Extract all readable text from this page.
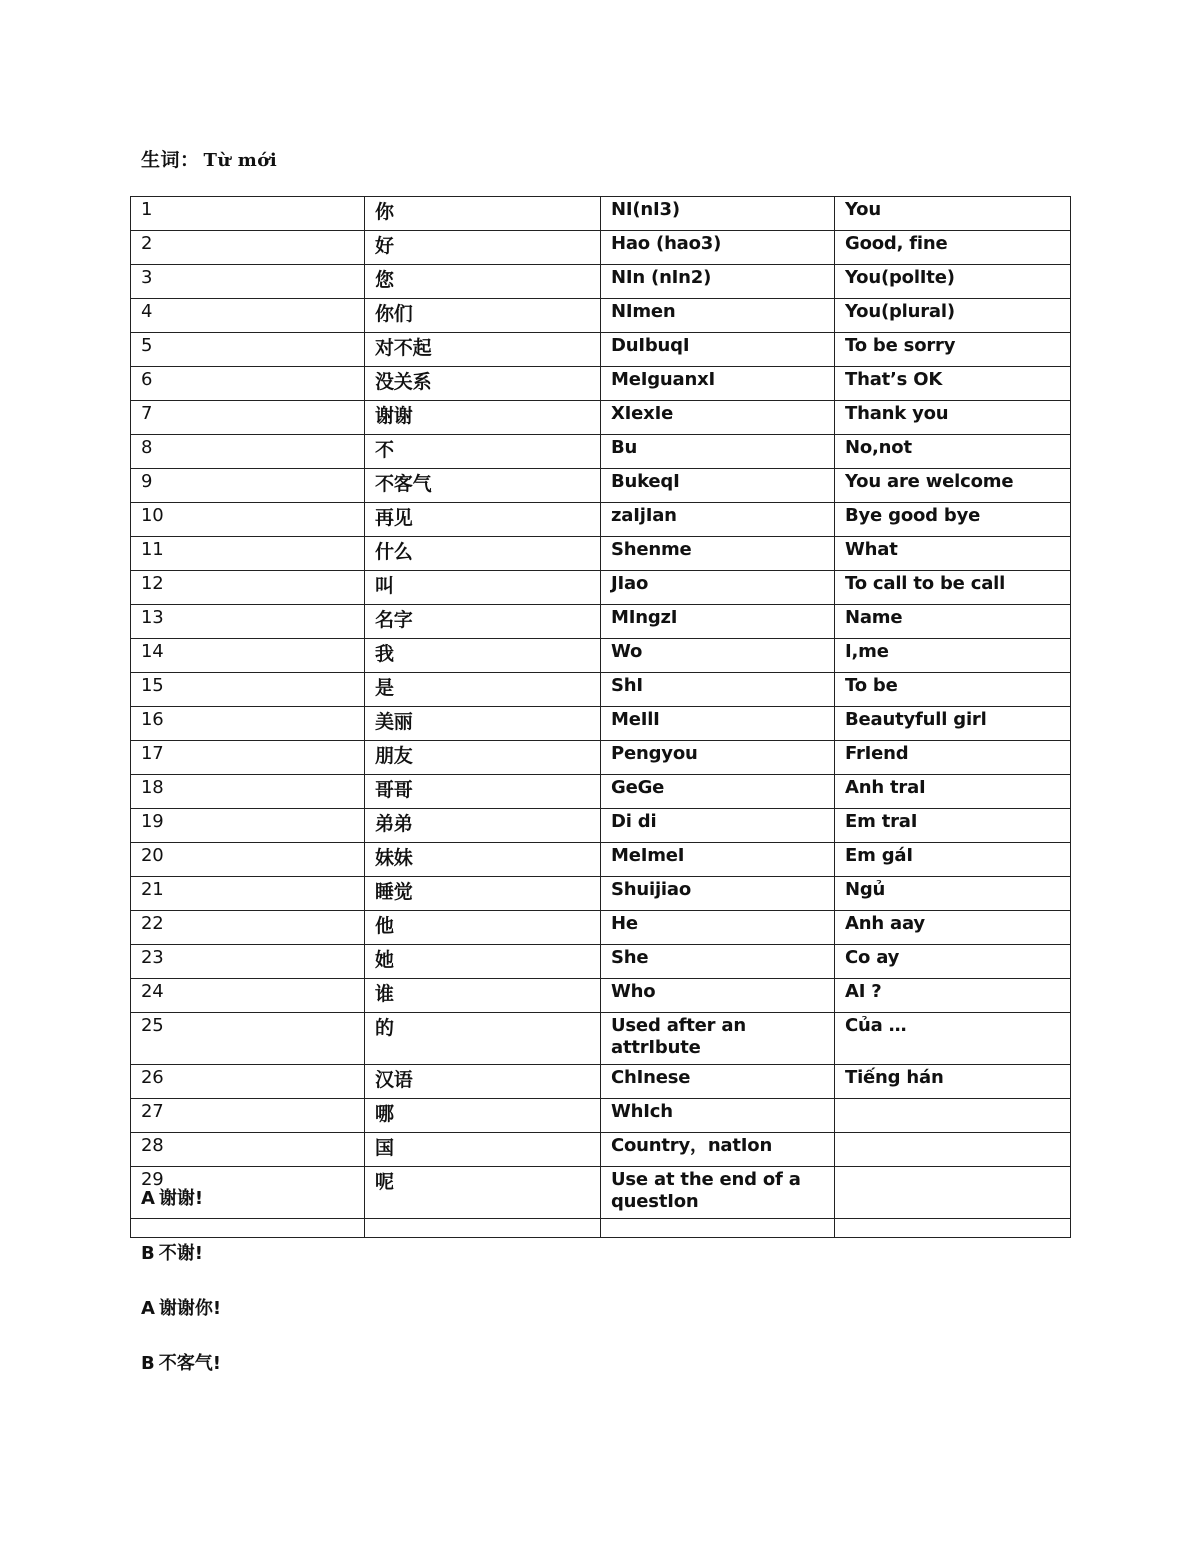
生词： Từ mới
1	你	NI(nI3)	You
2	好	Hao (hao3)	Good, fine
3	您	NIn (nIn2)	You(polIte)
4	你们	NImen	You(plural)
5	对不起	DuIbuqI	To be sorry
6	没关系	MeIguanxI	That’s OK
7	谢谢	XIexIe	Thank you
8	不	Bu	No,not
9	不客气	BukeqI	You are welcome
10	再见	zaIjIan	Bye good bye
11	什么	Shenme	What
12	叫	JIao	To call to be call
13	名字	MIngzI	Name
14	我	Wo	I,me
15	是	ShI	To be
16	美丽	MeIlI	Beautyfull girl
17	朋友	Pengyou	FrIend
18	哥哥	GeGe	Anh traI
19	弟弟	Di di	Em traI
20	妹妹	MeImeI	Em gáI
21	睡觉	Shuijiao	Ngủ
22	他	He	Anh aay
23	她	She	Co ay
24	谁	Who	AI ?
25	的	Used after an attrIbute	Của …
26	汉语	ChInese	Tiếng hán
27	哪	WhIch	
28	国	Country，natIon	
29	呢	Use at the end of a questIon	

A 谢谢!
B 不谢!
A 谢谢你!
B 不客气!
